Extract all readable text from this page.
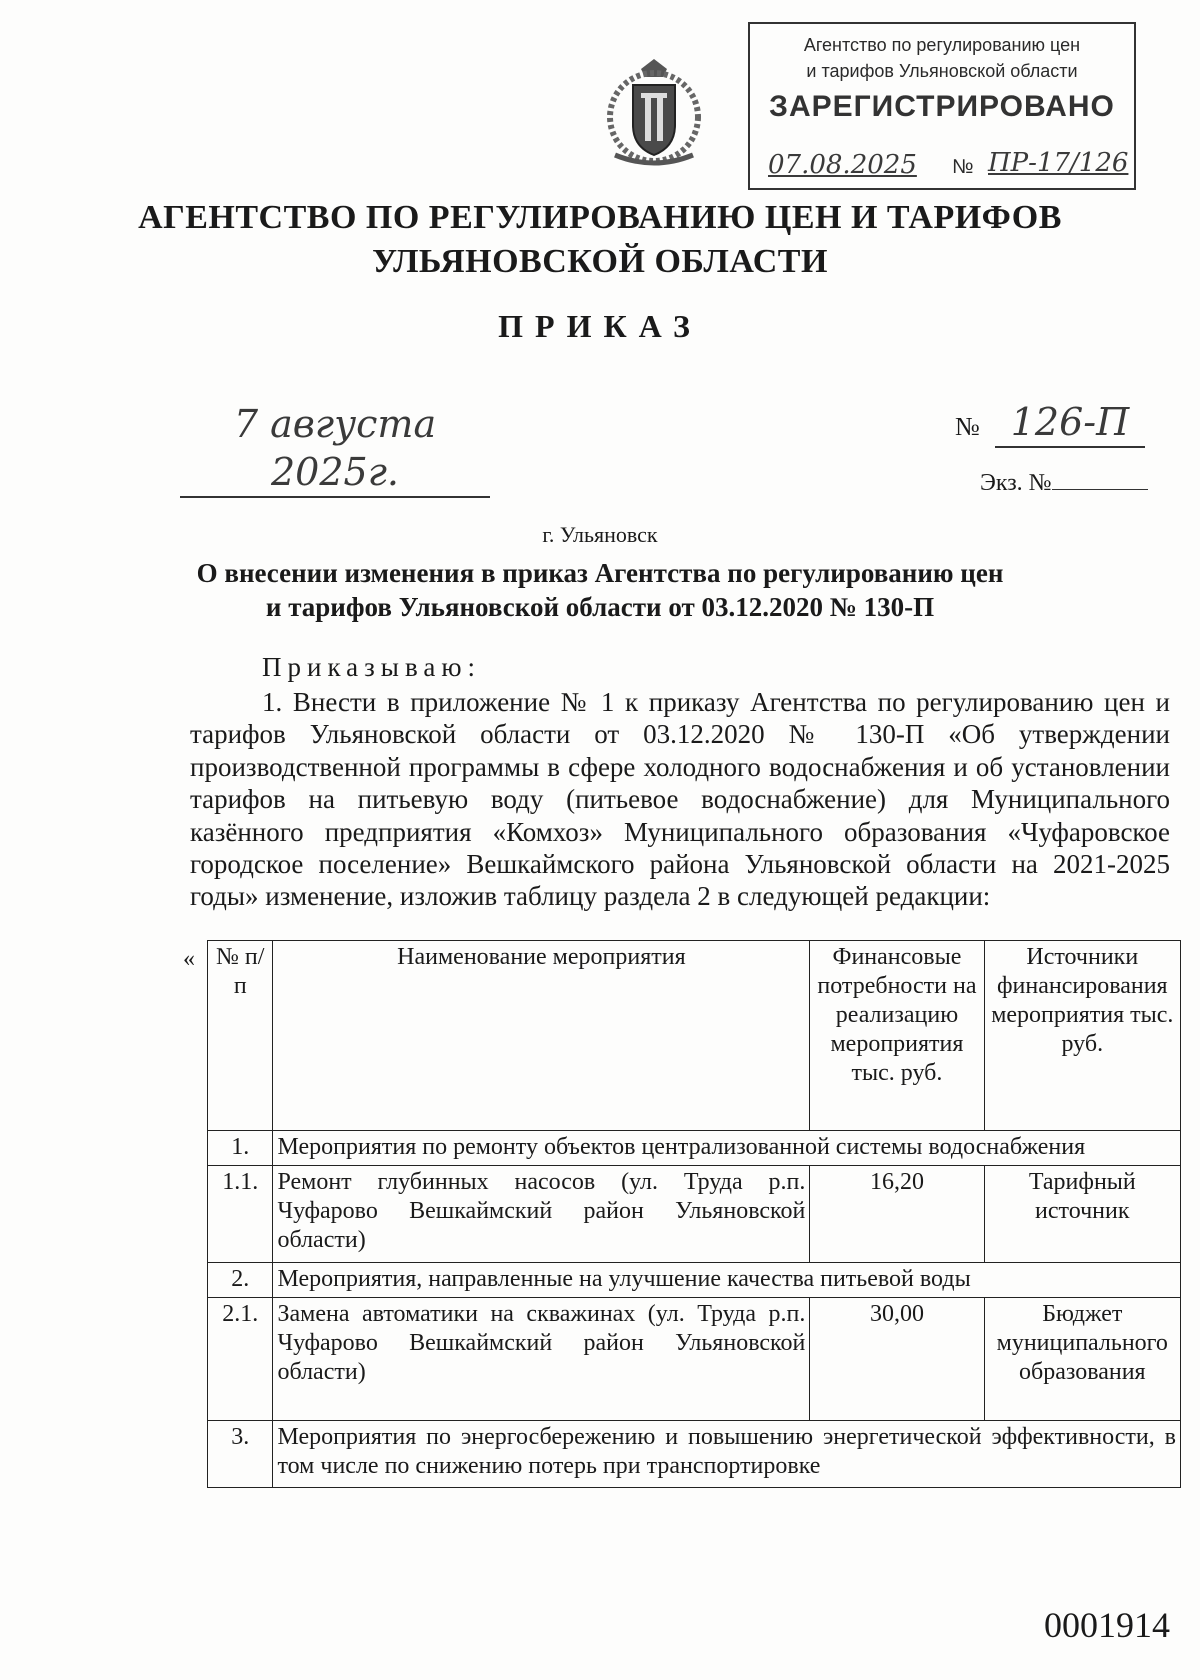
Агентство по регулированию цен
и тарифов Ульяновской области
ЗАРЕГИСТРИРОВАНО
07.08.2025 № ПР-17/126
АГЕНТСТВО ПО РЕГУЛИРОВАНИЮ ЦЕН И ТАРИФОВ
УЛЬЯНОВСКОЙ ОБЛАСТИ
ПРИКАЗ
7 августа 2025г.
№ 126-П
Экз. №
г. Ульяновск
О внесении изменения в приказ Агентства по регулированию цен
и тарифов Ульяновской области от 03.12.2020 № 130-П
Приказываю:
1. Внести в приложение № 1 к приказу Агентства по регулированию цен и тарифов Ульяновской области от 03.12.2020 № 130-П «Об утверждении производственной программы в сфере холодного водоснабжения и об установлении тарифов на питьевую воду (питьевое водоснабжение) для Муниципального казённого предприятия «Комхоз» Муниципального образования «Чуфаровское городское поселение» Вешкаймского района Ульяновской области на 2021-2025 годы» изменение, изложив таблицу раздела 2 в следующей редакции:
« № п/п	Наименование мероприятия	Финансовые потребности на реализацию мероприятия тыс. руб.	Источники финансирования мероприятия тыс. руб.
1.	Мероприятия по ремонту объектов централизованной системы водоснабжения		
1.1.	Ремонт глубинных насосов (ул. Труда р.п. Чуфарово Вешкаймский район Ульяновской области)	16,20	Тарифный источник
2.	Мероприятия, направленные на улучшение качества питьевой воды		
2.1.	Замена автоматики на скважинах (ул. Труда р.п. Чуфарово Вешкаймский район Ульяновской области)	30,00	Бюджет муниципального образования
3.	Мероприятия по энергосбережению и повышению энергетической эффективности, в том числе по снижению потерь при транспортировке		
0001914
